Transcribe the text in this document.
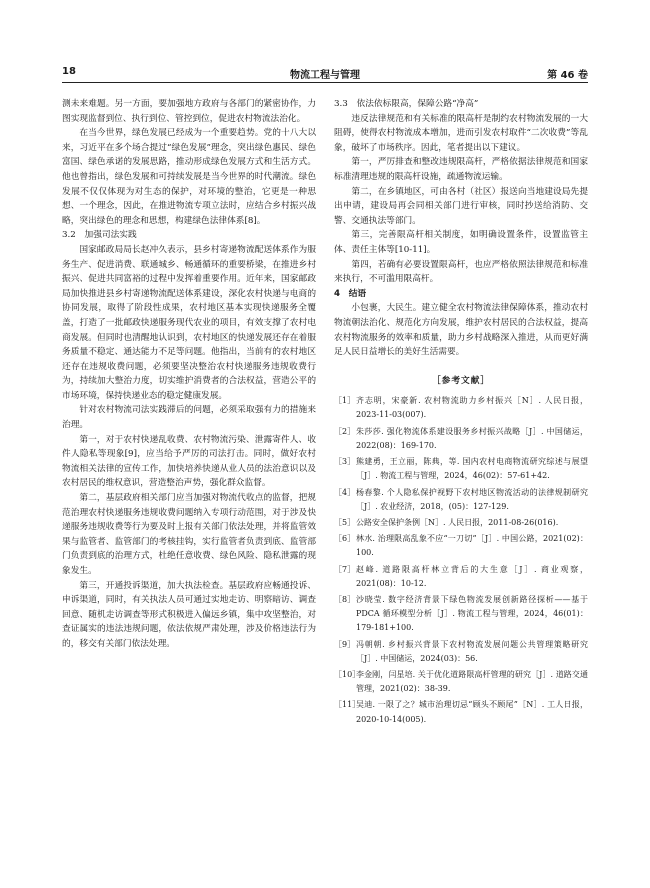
18	物流工程与管理	第 46 卷

测未来难题。另一方面，要加强地方政府与各部门的紧密协作，力图实现监督到位、执行到位、管控到位，促进农村物流法治化。

在当今世界，绿色发展已经成为一个重要趋势。党的十八大以来，习近平在多个场合提过“绿色发展”理念，突出绿色惠民、绿色富国、绿色承诺的发展思路，推动形成绿色发展方式和生活方式。他也曾指出，绿色发展和可持续发展是当今世界的时代潮流。绿色发展不仅仅体现为对生态的保护，对环境的整治，它更是一种思想、一个理念，因此，在推进物流专项立法时，应结合乡村振兴战略，突出绿色的理念和思想，构建绿色法律体系[8]。

3.2　加强司法实践

国家邮政局局长赵冲久表示，县乡村寄递物流配送体系作为服务生产、促进消费、联通城乡、畅通循环的重要桥梁，在推进乡村振兴、促进共同富裕的过程中发挥着重要作用。近年来，国家邮政局加快推进县乡村寄递物流配送体系建设，深化农村快递与电商的协同发展，取得了阶段性成果，农村地区基本实现快递服务全覆盖，打造了一批邮政快递服务现代农业的项目，有效支撑了农村电商发展。但同时也清醒地认识到，农村地区的快递发展还存在着服务质量不稳定、通达能力不足等问题。他指出，当前有的农村地区还存在违规收费问题，必须要坚决整治农村快递服务违规收费行为，持续加大整治力度，切实维护消费者的合法权益，营造公平的市场环境，保持快递业态的稳定健康发展。

针对农村物流司法实践滞后的问题，必须采取强有力的措施来治理。

第一，对于农村快递乱收费、农村物流污染、泄露寄件人、收件人隐私等现象[9]，应当给予严厉的司法打击。同时，做好农村物流相关法律的宣传工作，加快培养快递从业人员的法治意识以及农村居民的维权意识，营造整治声势，强化群众监督。

第二，基层政府相关部门应当加强对物流代收点的监督，把规范治理农村快递服务违规收费问题纳入专项行动范围，对于涉及快递服务违规收费等行为要及时上报有关部门依法处理，并将监管效果与监管者、监管部门的考核挂钩，实行监管者负责到底、监管部门负责到底的治理方式，杜绝任意收费、绿色风险、隐私泄露的现象发生。

第三，开通投诉渠道，加大执法检查。基层政府应畅通投诉、申诉渠道，同时，有关执法人员可通过实地走访、明察暗访、调查回意、随机走访调查等形式积极进入偏远乡镇，集中攻坚整治，对查证属实的违法违规问题，依法依规严肃处理，涉及价格违法行为的，移交有关部门依法处理。

3.3　依法依标限高，保障公路“净高”

违反法律规范和有关标准的限高杆是制约农村物流发展的一大阻碍，使得农村物流成本增加，进而引发农村取件“二次收费”等乱象，破坏了市场秩序。因此，笔者提出以下建议。

第一，严厉排查和整改违规限高杆，严格依据法律规范和国家标准清理违规的限高杆设施，疏通物流运输。

第二，在乡镇地区，可由各村（社区）报送向当地建设局先提出申请，建设局再会同相关部门进行审核，同时抄送给消防、交警、交通执法等部门。

第三，完善限高杆相关制度，如明确设置条件，设置监管主体、责任主体等[10-11]。

第四，若确有必要设置限高杆，也应严格依照法律规范和标准来执行，不可滥用限高杆。

4　结语

小包裹，大民生。建立健全农村物流法律保障体系，推动农村物流朝法治化、规范化方向发展，维护农村居民的合法权益，提高农村物流服务的效率和质量，助力乡村战略深入推进，从而更好满足人民日益增长的美好生活需要。

［参考文献］

［1］ 齐志明，宋豪新. 农村物流助力乡村振兴［N］. 人民日报，2023-11-03(007).
［2］ 朱莎莎. 强化物流体系建设服务乡村振兴战略［J］. 中国储运，2022(08)：169-170.
［3］ 熊建勇，王立丽，陈典，等. 国内农村电商物流研究综述与展望［J］. 物流工程与管理，2024，46(02)：57-61+42.
［4］ 杨春黎. 个人隐私保护视野下农村地区物流活动的法律规制研究［J］. 农业经济，2018，(05)：127-129.
［5］ 公路安全保护条例［N］. 人民日报，2011-08-26(016).
［6］ 林水. 治理限高乱象不应“一刀切”［J］. 中国公路，2021(02)：100.
［7］ 赵峰. 道路限高杆林立背后的大生意［J］. 商业观察，2021(08)：10-12.
［8］ 沙晓莹. 数字经济背景下绿色物流发展创新路径探析——基于 PDCA 循环模型分析［J］. 物流工程与管理，2024，46(01)：179-181+100.
［9］ 冯朝朝. 乡村振兴背景下农村物流发展问题公共管理策略研究［J］. 中国储运，2024(03)：56.
［10］
李金刚，闫星培. 关于优化道路限高杆管理的研究［J］. 道路交通管理，2021(02)：38-39.
［11］
吴迪. 一限了之？城市治理切忌“顾头不顾尾”［N］. 工人日报，2020-10-14(005).
